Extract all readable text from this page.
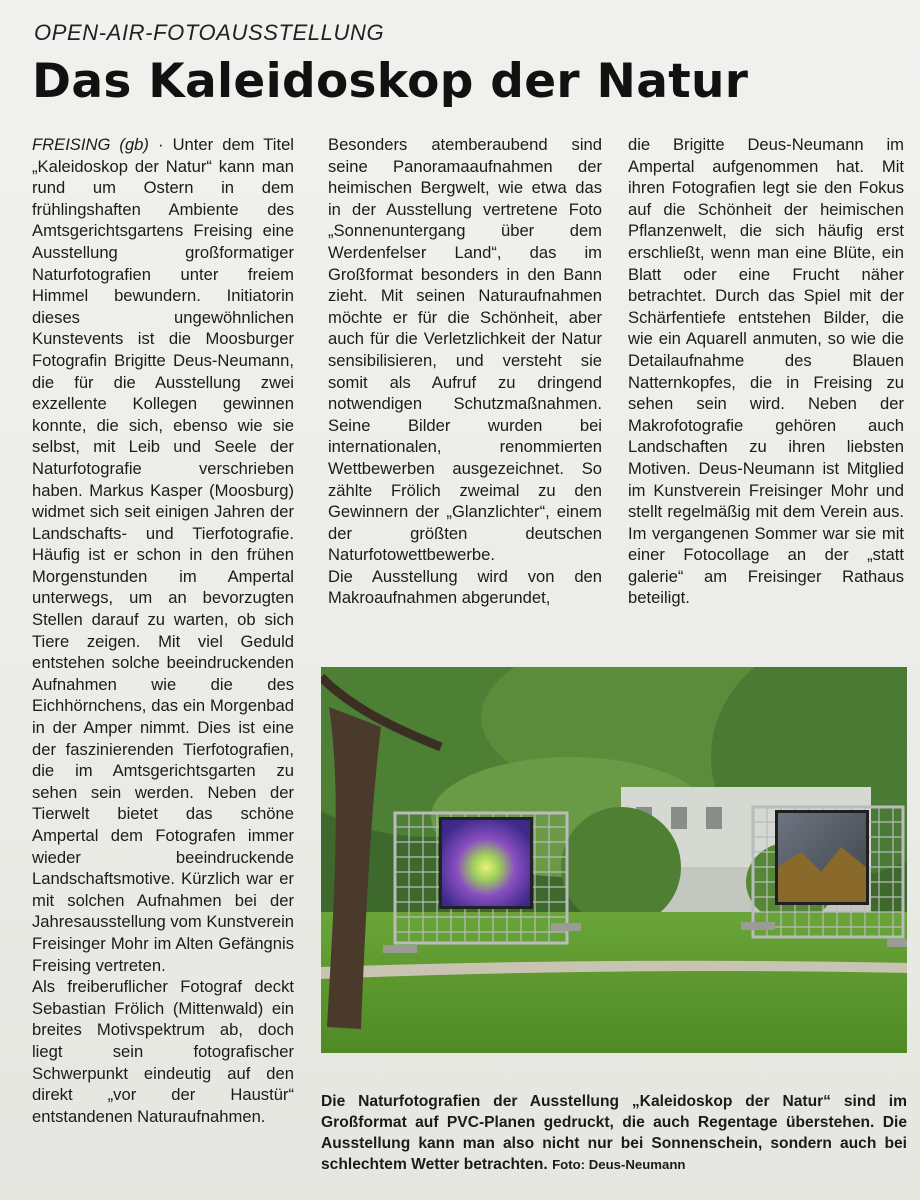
OPEN-AIR-FOTOAUSSTELLUNG
Das Kaleidoskop der Natur

FREISING (gb) · Unter dem Titel „Kaleidoskop der Natur“ kann man rund um Ostern in dem frühlingshaften Ambiente des Amtsgerichtsgartens Freising eine Ausstellung großformatiger Naturfotografien unter freiem Himmel bewundern. Initiatorin dieses ungewöhnlichen Kunstevents ist die Moosburger Fotografin Brigitte Deus-Neumann, die für die Ausstellung zwei exzellente Kollegen gewinnen konnte, die sich, ebenso wie sie selbst, mit Leib und Seele der Naturfotografie verschrieben haben. Markus Kasper (Moosburg) widmet sich seit einigen Jahren der Landschafts- und Tierfotografie. Häufig ist er schon in den frühen Morgenstunden im Ampertal unterwegs, um an bevorzugten Stellen darauf zu warten, ob sich Tiere zeigen. Mit viel Geduld entstehen solche beeindruckenden Aufnahmen wie die des Eichhörnchens, das ein Morgenbad in der Amper nimmt. Dies ist eine der faszinierenden Tierfotografien, die im Amtsgerichtsgarten zu sehen sein werden. Neben der Tierwelt bietet das schöne Ampertal dem Fotografen immer wieder beeindruckende Landschaftsmotive. Kürzlich war er mit solchen Aufnahmen bei der Jahresausstellung vom Kunstverein Freisinger Mohr im Alten Gefängnis Freising vertreten.

Als freiberuflicher Fotograf deckt Sebastian Frölich (Mittenwald) ein breites Motivspektrum ab, doch liegt sein fotografischer Schwerpunkt eindeutig auf den direkt „vor der Haustür“ entstandenen Naturaufnahmen.

Besonders atemberaubend sind seine Panoramaaufnahmen der heimischen Bergwelt, wie etwa das in der Ausstellung vertretene Foto „Sonnenuntergang über dem Werdenfelser Land“, das im Großformat besonders in den Bann zieht. Mit seinen Naturaufnahmen möchte er für die Schönheit, aber auch für die Verletzlichkeit der Natur sensibilisieren, und versteht sie somit als Aufruf zu dringend notwendigen Schutzmaßnahmen. Seine Bilder wurden bei internationalen, renommierten Wettbewerben ausgezeichnet. So zählte Frölich zweimal zu den Gewinnern der „Glanzlichter“, einem der größten deutschen Naturfotowettbewerbe.

Die Ausstellung wird von den Makroaufnahmen abgerundet,

die Brigitte Deus-Neumann im Ampertal aufgenommen hat. Mit ihren Fotografien legt sie den Fokus auf die Schönheit der heimischen Pflanzenwelt, die sich häufig erst erschließt, wenn man eine Blüte, ein Blatt oder eine Frucht näher betrachtet. Durch das Spiel mit der Schärfentiefe entstehen Bilder, die wie ein Aquarell anmuten, so wie die Detailaufnahme des Blauen Natternkopfes, die in Freising zu sehen sein wird. Neben der Makrofotografie gehören auch Landschaften zu ihren liebsten Motiven. Deus-Neumann ist Mitglied im Kunstverein Freisinger Mohr und stellt regelmäßig mit dem Verein aus. Im vergangenen Sommer war sie mit einer Fotocollage an der „statt galerie“ am Freisinger Rathaus beteiligt.

Die Naturfotografien der Ausstellung „Kaleidoskop der Natur“ sind im Großformat auf PVC-Planen gedruckt, die auch Regentage überstehen. Die Ausstellung kann man also nicht nur bei Sonnenschein, sondern auch bei schlechtem Wetter betrachten. Foto: Deus-Neumann
